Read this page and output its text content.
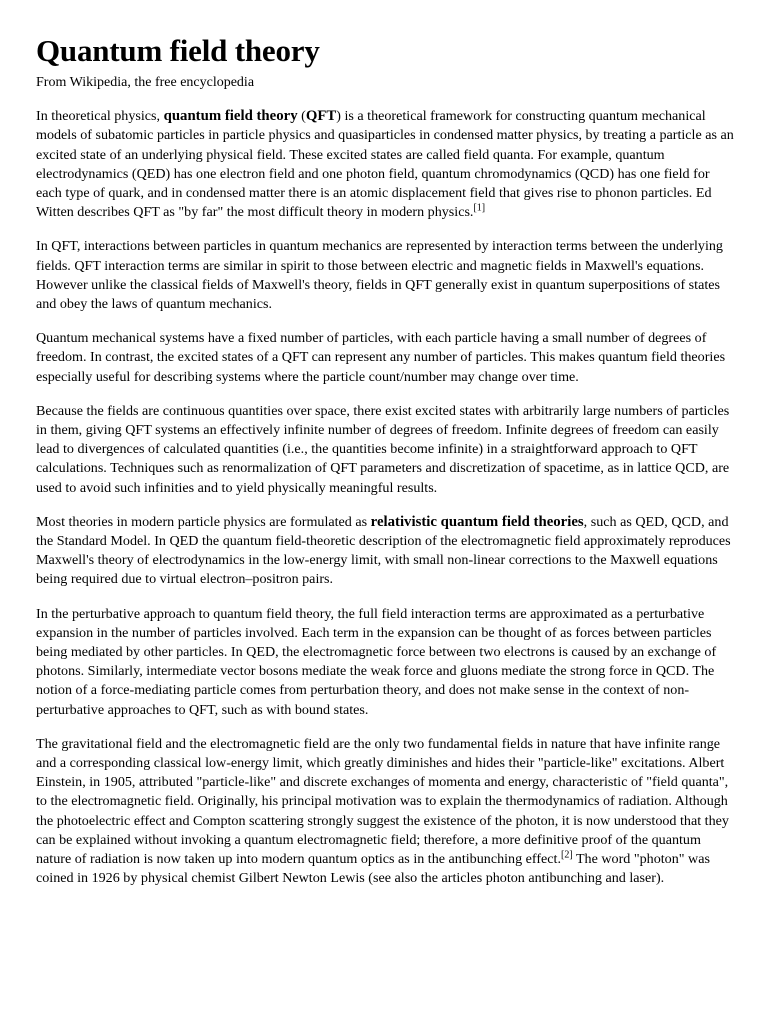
Quantum field theory
From Wikipedia, the free encyclopedia

In theoretical physics, quantum field theory (QFT) is a theoretical framework for constructing quantum mechanical models of subatomic particles in particle physics and quasiparticles in condensed matter physics, by treating a particle as an excited state of an underlying physical field. These excited states are called field quanta. For example, quantum electrodynamics (QED) has one electron field and one photon field, quantum chromodynamics (QCD) has one field for each type of quark, and in condensed matter there is an atomic displacement field that gives rise to phonon particles. Ed Witten describes QFT as "by far" the most difficult theory in modern physics.[1]

In QFT, interactions between particles in quantum mechanics are represented by interaction terms between the underlying fields. QFT interaction terms are similar in spirit to those between electric and magnetic fields in Maxwell's equations. However unlike the classical fields of Maxwell's theory, fields in QFT generally exist in quantum superpositions of states and obey the laws of quantum mechanics.

Quantum mechanical systems have a fixed number of particles, with each particle having a small number of degrees of freedom. In contrast, the excited states of a QFT can represent any number of particles. This makes quantum field theories especially useful for describing systems where the particle count/number may change over time.

Because the fields are continuous quantities over space, there exist excited states with arbitrarily large numbers of particles in them, giving QFT systems an effectively infinite number of degrees of freedom. Infinite degrees of freedom can easily lead to divergences of calculated quantities (i.e., the quantities become infinite) in a straightforward approach to QFT calculations. Techniques such as renormalization of QFT parameters and discretization of spacetime, as in lattice QCD, are used to avoid such infinities and to yield physically meaningful results.

Most theories in modern particle physics are formulated as relativistic quantum field theories, such as QED, QCD, and the Standard Model. In QED the quantum field-theoretic description of the electromagnetic field approximately reproduces Maxwell's theory of electrodynamics in the low-energy limit, with small non-linear corrections to the Maxwell equations being required due to virtual electron–positron pairs.

In the perturbative approach to quantum field theory, the full field interaction terms are approximated as a perturbative expansion in the number of particles involved. Each term in the expansion can be thought of as forces between particles being mediated by other particles. In QED, the electromagnetic force between two electrons is caused by an exchange of photons. Similarly, intermediate vector bosons mediate the weak force and gluons mediate the strong force in QCD. The notion of a force-mediating particle comes from perturbation theory, and does not make sense in the context of non-perturbative approaches to QFT, such as with bound states.

The gravitational field and the electromagnetic field are the only two fundamental fields in nature that have infinite range and a corresponding classical low-energy limit, which greatly diminishes and hides their "particle-like" excitations. Albert Einstein, in 1905, attributed "particle-like" and discrete exchanges of momenta and energy, characteristic of "field quanta", to the electromagnetic field. Originally, his principal motivation was to explain the thermodynamics of radiation. Although the photoelectric effect and Compton scattering strongly suggest the existence of the photon, it is now understood that they can be explained without invoking a quantum electromagnetic field; therefore, a more definitive proof of the quantum nature of radiation is now taken up into modern quantum optics as in the antibunching effect.[2] The word "photon" was coined in 1926 by physical chemist Gilbert Newton Lewis (see also the articles photon antibunching and laser).
